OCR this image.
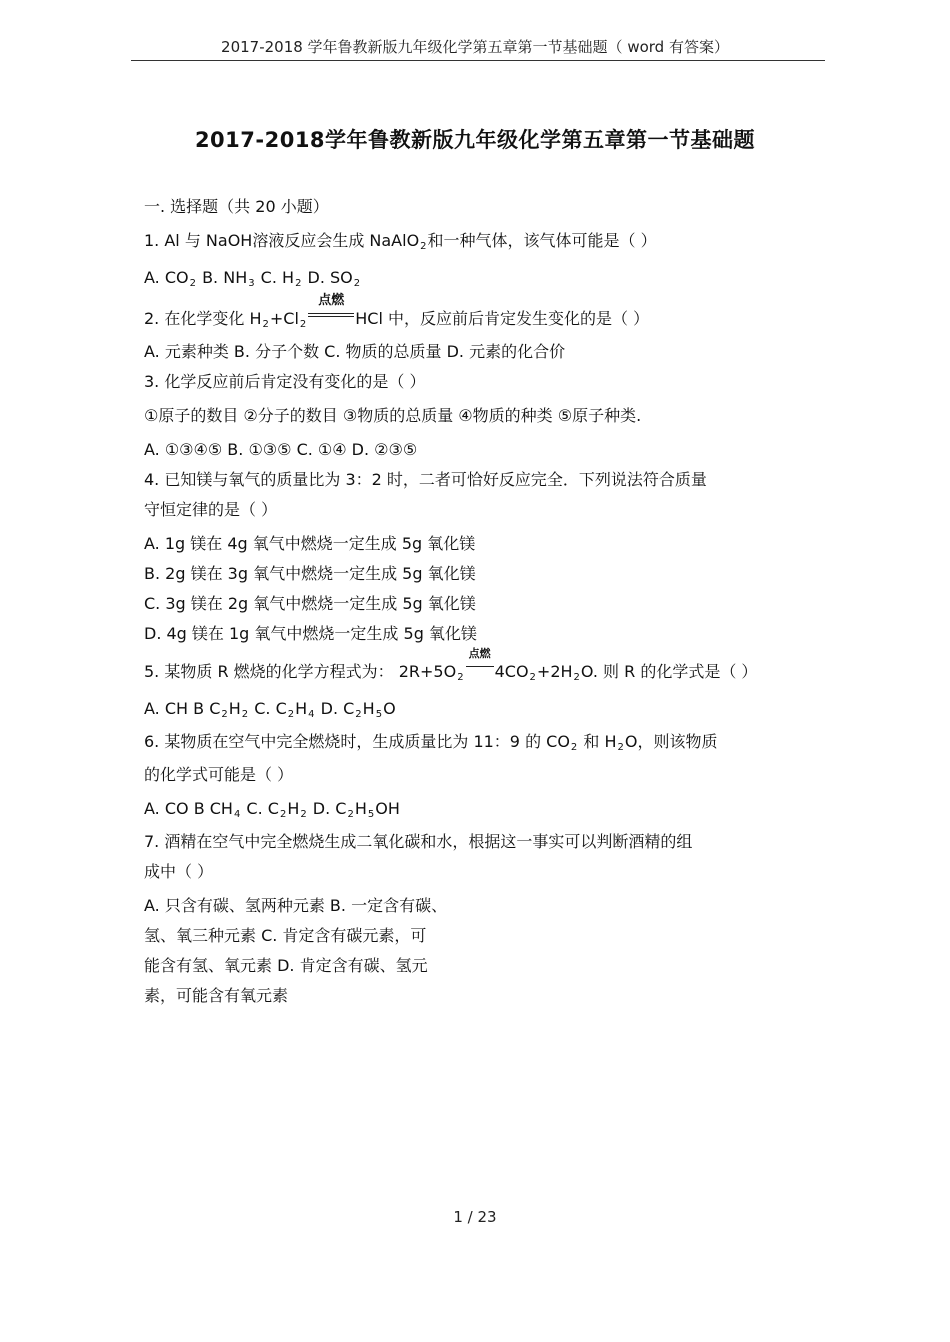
2017-2018 学年鲁教新版九年级化学第五章第一节基础题（ word 有答案）
2017-2018学年鲁教新版九年级化学第五章第一节基础题
一. 选择题（共 20 小题）
1. Al 与 NaOH溶液反应会生成 NaAlO2和一种气体，该气体可能是（ ）
A. CO2 B. NH3 C. H2 D. SO2
2. 在化学变化 H2+Cl2
点燃
HCl 中，反应前后肯定发生变化的是（ ）
A. 元素种类 B. 分子个数 C. 物质的总质量 D. 元素的化合价
3. 化学反应前后肯定没有变化的是（ ）
①原子的数目 ②分子的数目 ③物质的总质量 ④物质的种类 ⑤原子种类.
A. ①③④⑤ B. ①③⑤ C. ①④ D. ②③⑤
4. 已知镁与氧气的质量比为 3：2 时，二者可恰好反应完全．下列说法符合质量
守恒定律的是（ ）
A. 1g 镁在 4g 氧气中燃烧一定生成 5g 氧化镁
B. 2g 镁在 3g 氧气中燃烧一定生成 5g 氧化镁
C. 3g 镁在 2g 氧气中燃烧一定生成 5g 氧化镁
D. 4g 镁在 1g 氧气中燃烧一定生成 5g 氧化镁
5. 某物质 R 燃烧的化学方程式为： 2R+5O2
点燃
4CO2+2H2O. 则 R 的化学式是（ ）
A. CH B C2H2 C. C2H4 D. C2H5O
6. 某物质在空气中完全燃烧时，生成质量比为 11：9 的 CO2 和 H2O，则该物质
的化学式可能是（ ）
A. CO B CH4 C. C2H2 D. C2H5OH
7. 酒精在空气中完全燃烧生成二氧化碳和水，根据这一事实可以判断酒精的组
成中（ ）
A. 只含有碳、氢两种元素 B. 一定含有碳、
氢、氧三种元素 C. 肯定含有碳元素，可
能含有氢、氧元素 D. 肯定含有碳、氢元
素，可能含有氧元素
1 / 23
